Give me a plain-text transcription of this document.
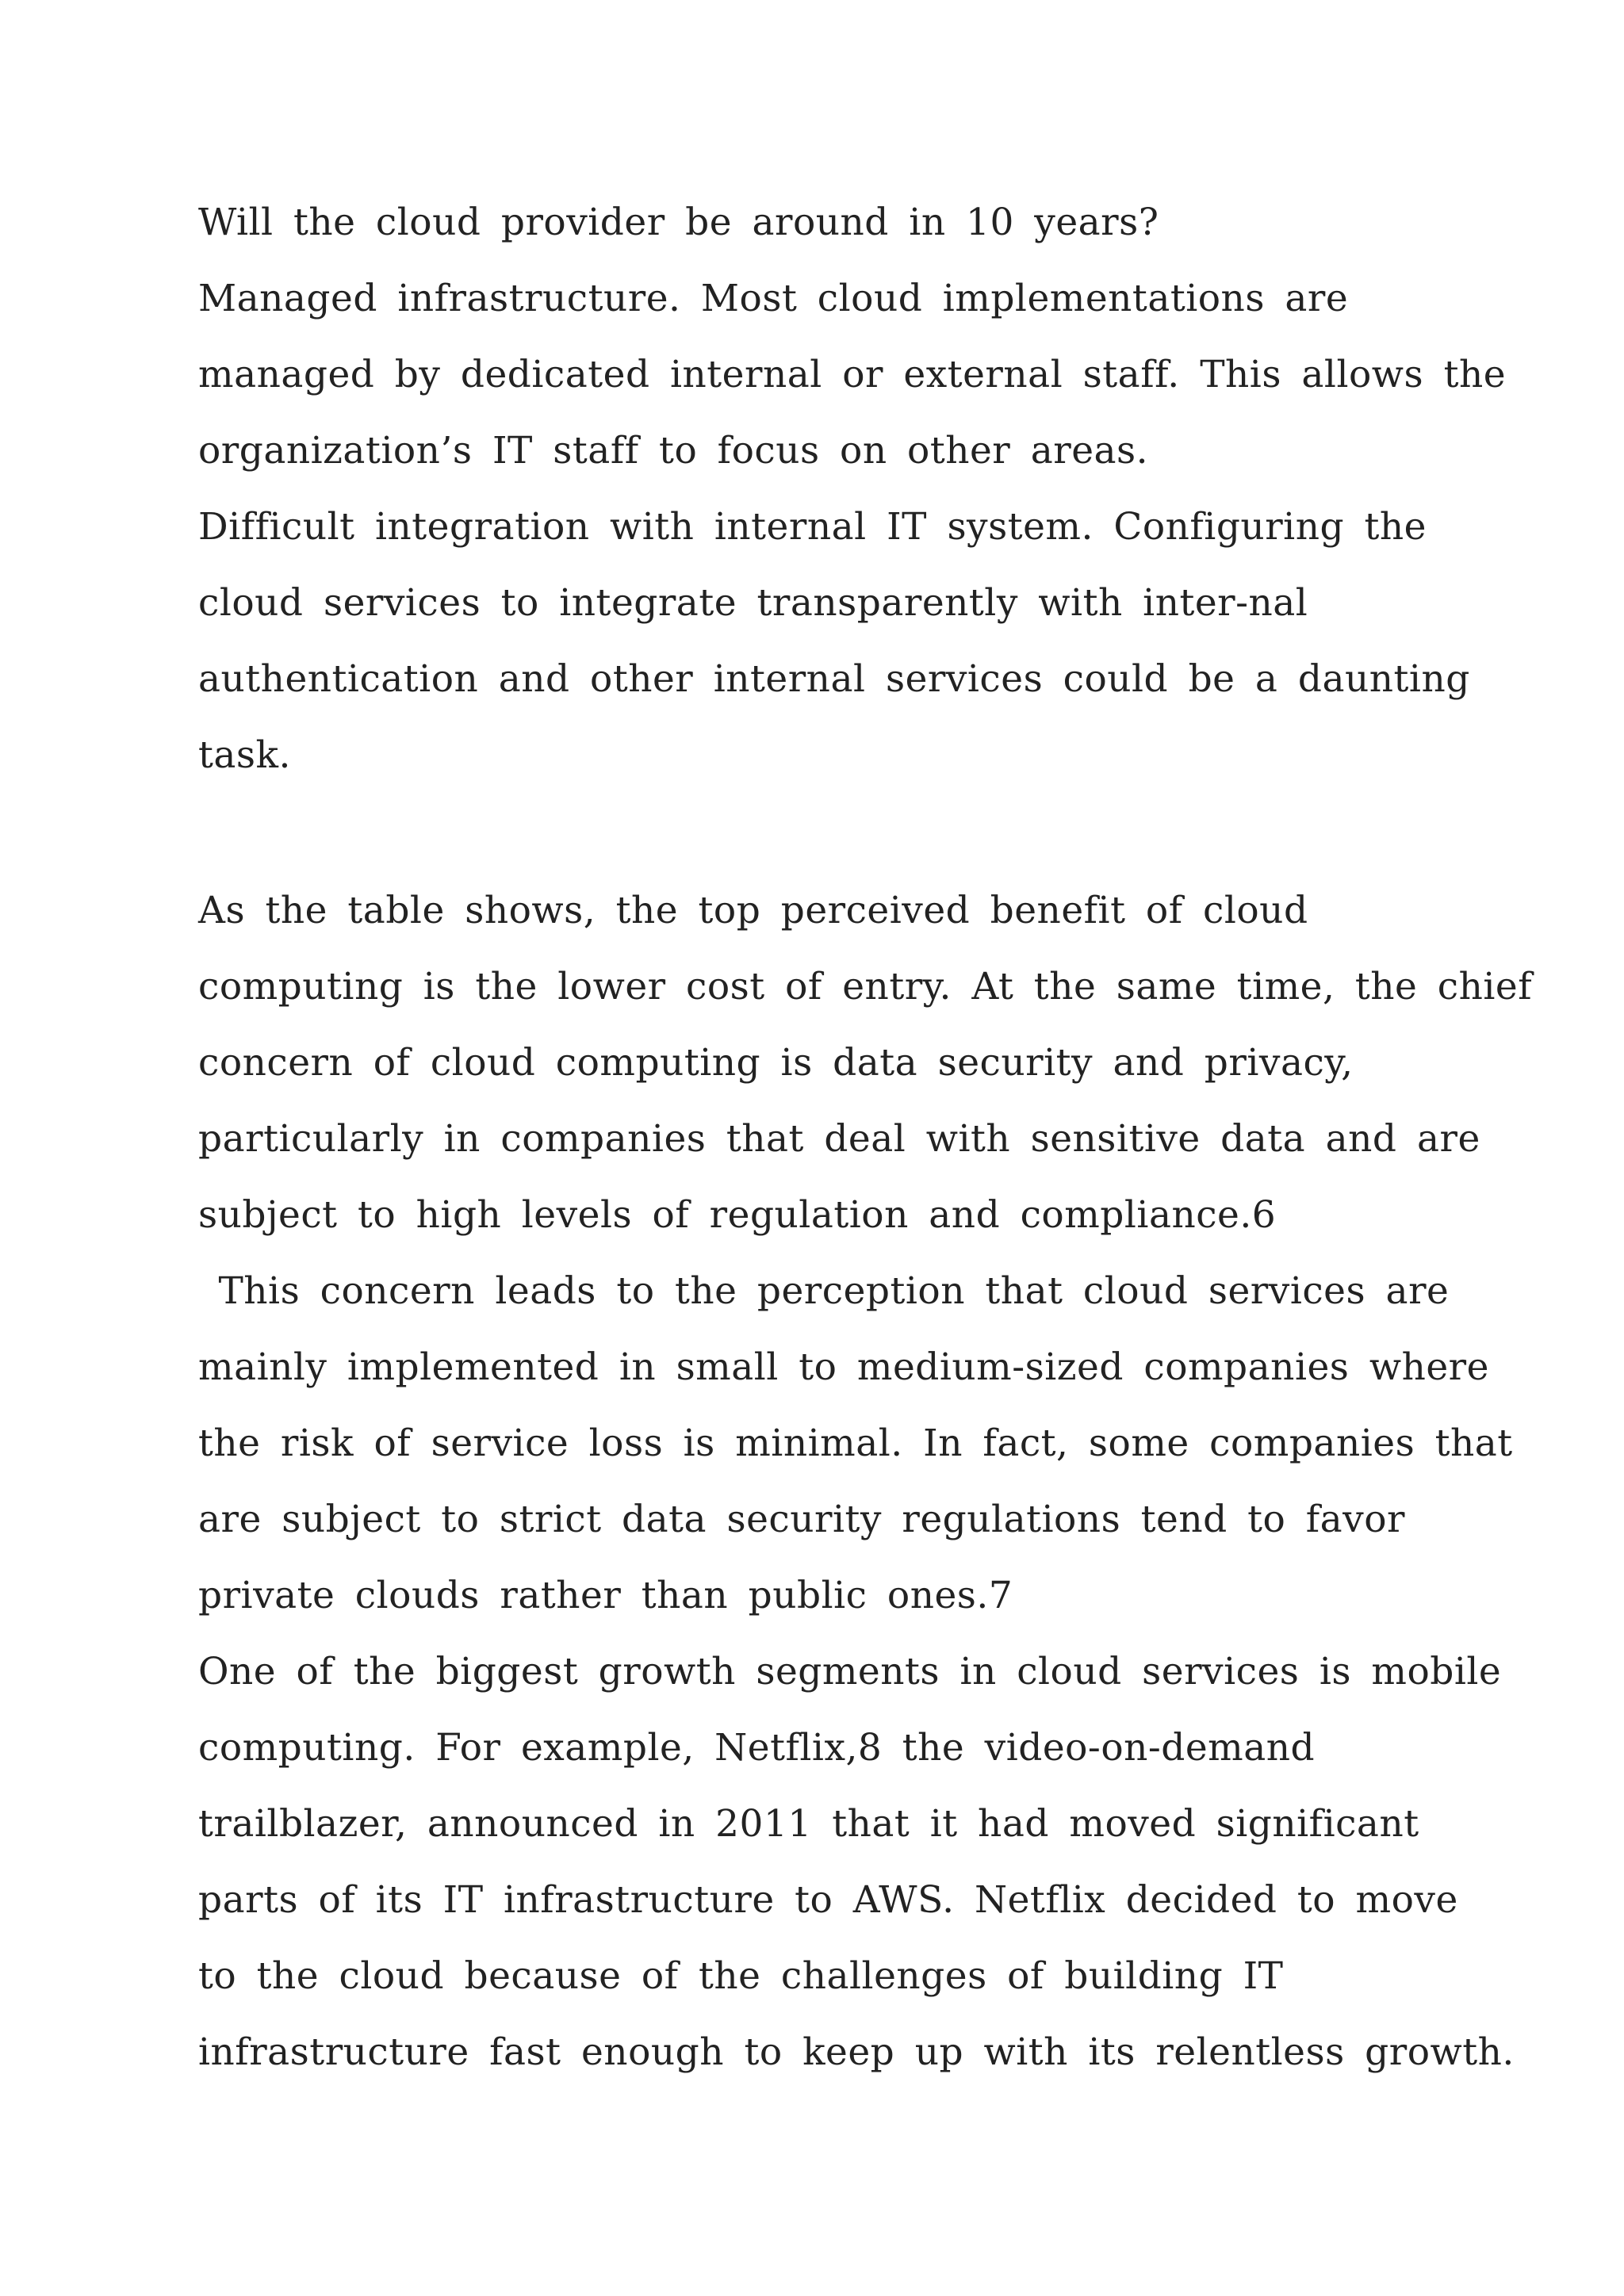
Will the cloud provider be around in 10 years?
Managed infrastructure. Most cloud implementations are
managed by dedicated internal or external staff. This allows the
organization’s IT staff to focus on other areas.
Difficult integration with internal IT system. Configuring the
cloud services to integrate transparently with inter-nal
authentication and other internal services could be a daunting
task.
As the table shows, the top perceived benefit of cloud
computing is the lower cost of entry. At the same time, the chief
concern of cloud computing is data security and privacy,
particularly in companies that deal with sensitive data and are
subject to high levels of regulation and compliance.6
This concern leads to the perception that cloud services are
mainly implemented in small to medium-sized companies where
the risk of service loss is minimal. In fact, some companies that
are subject to strict data security regulations tend to favor
private clouds rather than public ones.7
One of the biggest growth segments in cloud services is mobile
computing. For example, Netflix,8 the video-on-demand
trailblazer, announced in 2011 that it had moved significant
parts of its IT infrastructure to AWS. Netflix decided to move
to the cloud because of the challenges of building IT
infrastructure fast enough to keep up with its relentless growth.
